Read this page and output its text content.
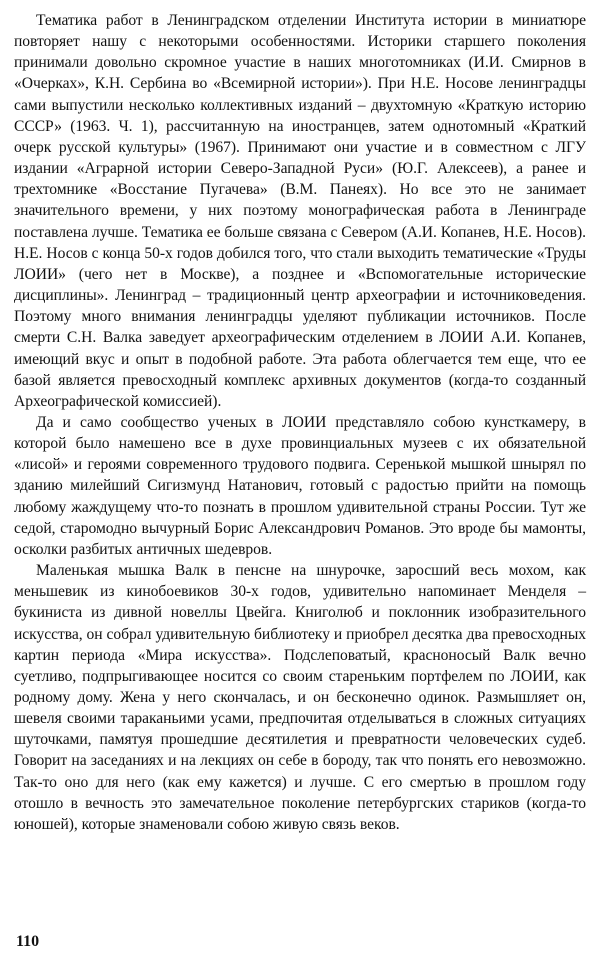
Тематика работ в Ленинградском отделении Института истории в миниатюре повторяет нашу с некоторыми особенностями. Историки старшего поколения принимали довольно скромное участие в наших многотомниках (И.И. Смирнов в «Очерках», К.Н. Сербина во «Всемирной истории»). При Н.Е. Носове ленинградцы сами выпустили несколько коллективных изданий – двухтомную «Краткую историю СССР» (1963. Ч. 1), рассчитанную на иностранцев, затем однотомный «Краткий очерк русской культуры» (1967). Принимают они участие и в совместном с ЛГУ издании «Аграрной истории Северо-Западной Руси» (Ю.Г. Алексеев), а ранее и трехтомнике «Восстание Пугачева» (В.М. Панеях). Но все это не занимает значительного времени, у них поэтому монографическая работа в Ленинграде поставлена лучше. Тематика ее больше связана с Севером (А.И. Копанев, Н.Е. Носов). Н.Е. Носов с конца 50-х годов добился того, что стали выходить тематические «Труды ЛОИИ» (чего нет в Москве), а позднее и «Вспомогательные исторические дисциплины». Ленинград – традиционный центр археографии и источниковедения. Поэтому много внимания ленинградцы уделяют публикации источников. После смерти С.Н. Валка заведует археографическим отделением в ЛОИИ А.И. Копанев, имеющий вкус и опыт в подобной работе. Эта работа облегчается тем еще, что ее базой является превосходный комплекс архивных документов (когда-то созданный Археографической комиссией).

Да и само сообщество ученых в ЛОИИ представляло собою кунсткамеру, в которой было намешено все в духе провинциальных музеев с их обязательной «лисой» и героями современного трудового подвига. Серенькой мышкой шнырял по зданию милейший Сигизмунд Натанович, готовый с радостью прийти на помощь любому жаждущему что-то познать в прошлом удивительной страны России. Тут же седой, старомодно вычурный Борис Александрович Романов. Это вроде бы мамонты, осколки разбитых античных шедевров.

Маленькая мышка Валк в пенсне на шнурочке, заросший весь мохом, как меньшевик из кинобоевиков 30-х годов, удивительно напоминает Менделя – букиниста из дивной новеллы Цвейга. Книголюб и поклонник изобразительного искусства, он собрал удивительную библиотеку и приобрел десятка два превосходных картин периода «Мира искусства». Подслеповатый, красноносый Валк вечно суетливо, подпрыгивающее носится со своим стареньким портфелем по ЛОИИ, как родному дому. Жена у него скончалась, и он бесконечно одинок. Размышляет он, шевеля своими тараканьими усами, предпочитая отделываться в сложных ситуациях шуточками, памятуя прошедшие десятилетия и превратности человеческих судеб. Говорит на заседаниях и на лекциях он себе в бороду, так что понять его невозможно. Так-то оно для него (как ему кажется) и лучше. С его смертью в прошлом году отошло в вечность это замечательное поколение петербургских стариков (когда-то юношей), которые знаменовали собою живую связь веков.

110
